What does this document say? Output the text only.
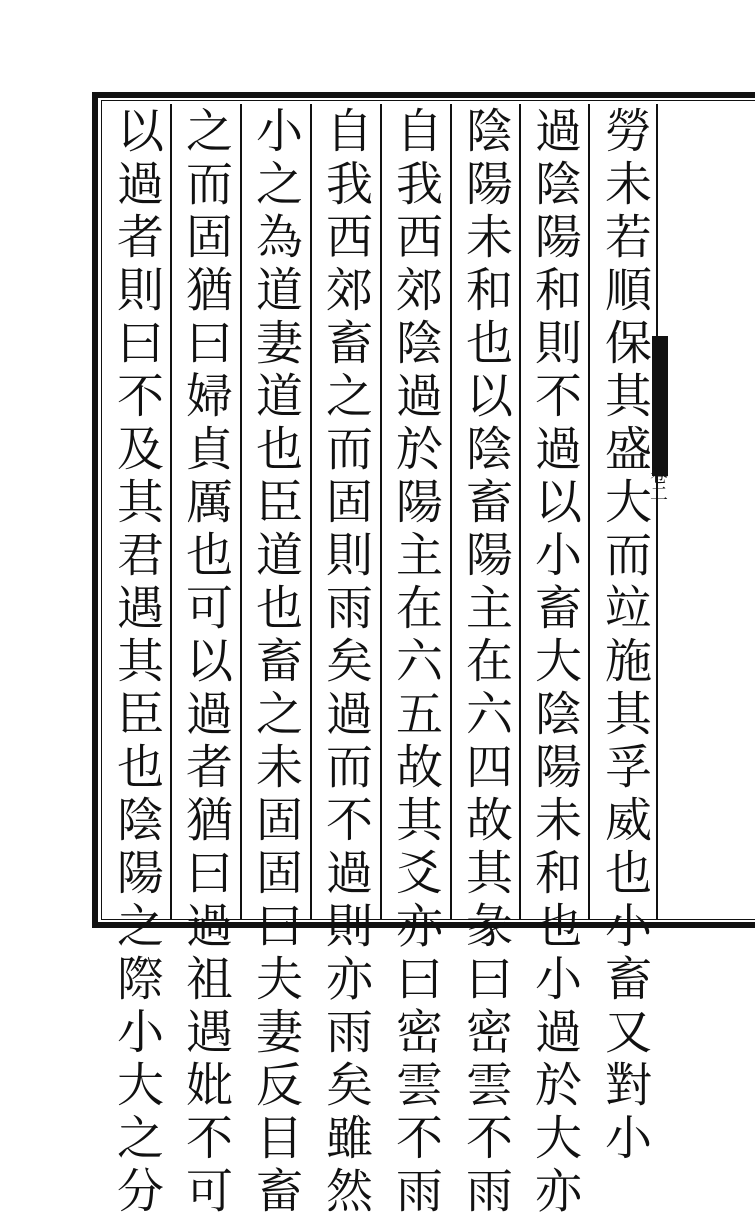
勞未若順保其盛大而竝施其孚威也
小畜又對小
過陰陽和則不過以小畜大陰陽未和也小過於大亦
陰陽未和也以陰畜陽主在六四故其彖曰密雲不雨
自我西郊陰過於陽主在六五故其爻亦曰密雲不雨
自我西郊畜之而固則雨矣過而不過則亦雨矣雖然
小之為道妻道也臣道也畜之未固固曰夫妻反目畜
之而固猶曰婦貞厲也可以過者猶曰過祖遇妣不可
以過者則曰不及其君遇其臣也陰陽之際小大之分	卷二
